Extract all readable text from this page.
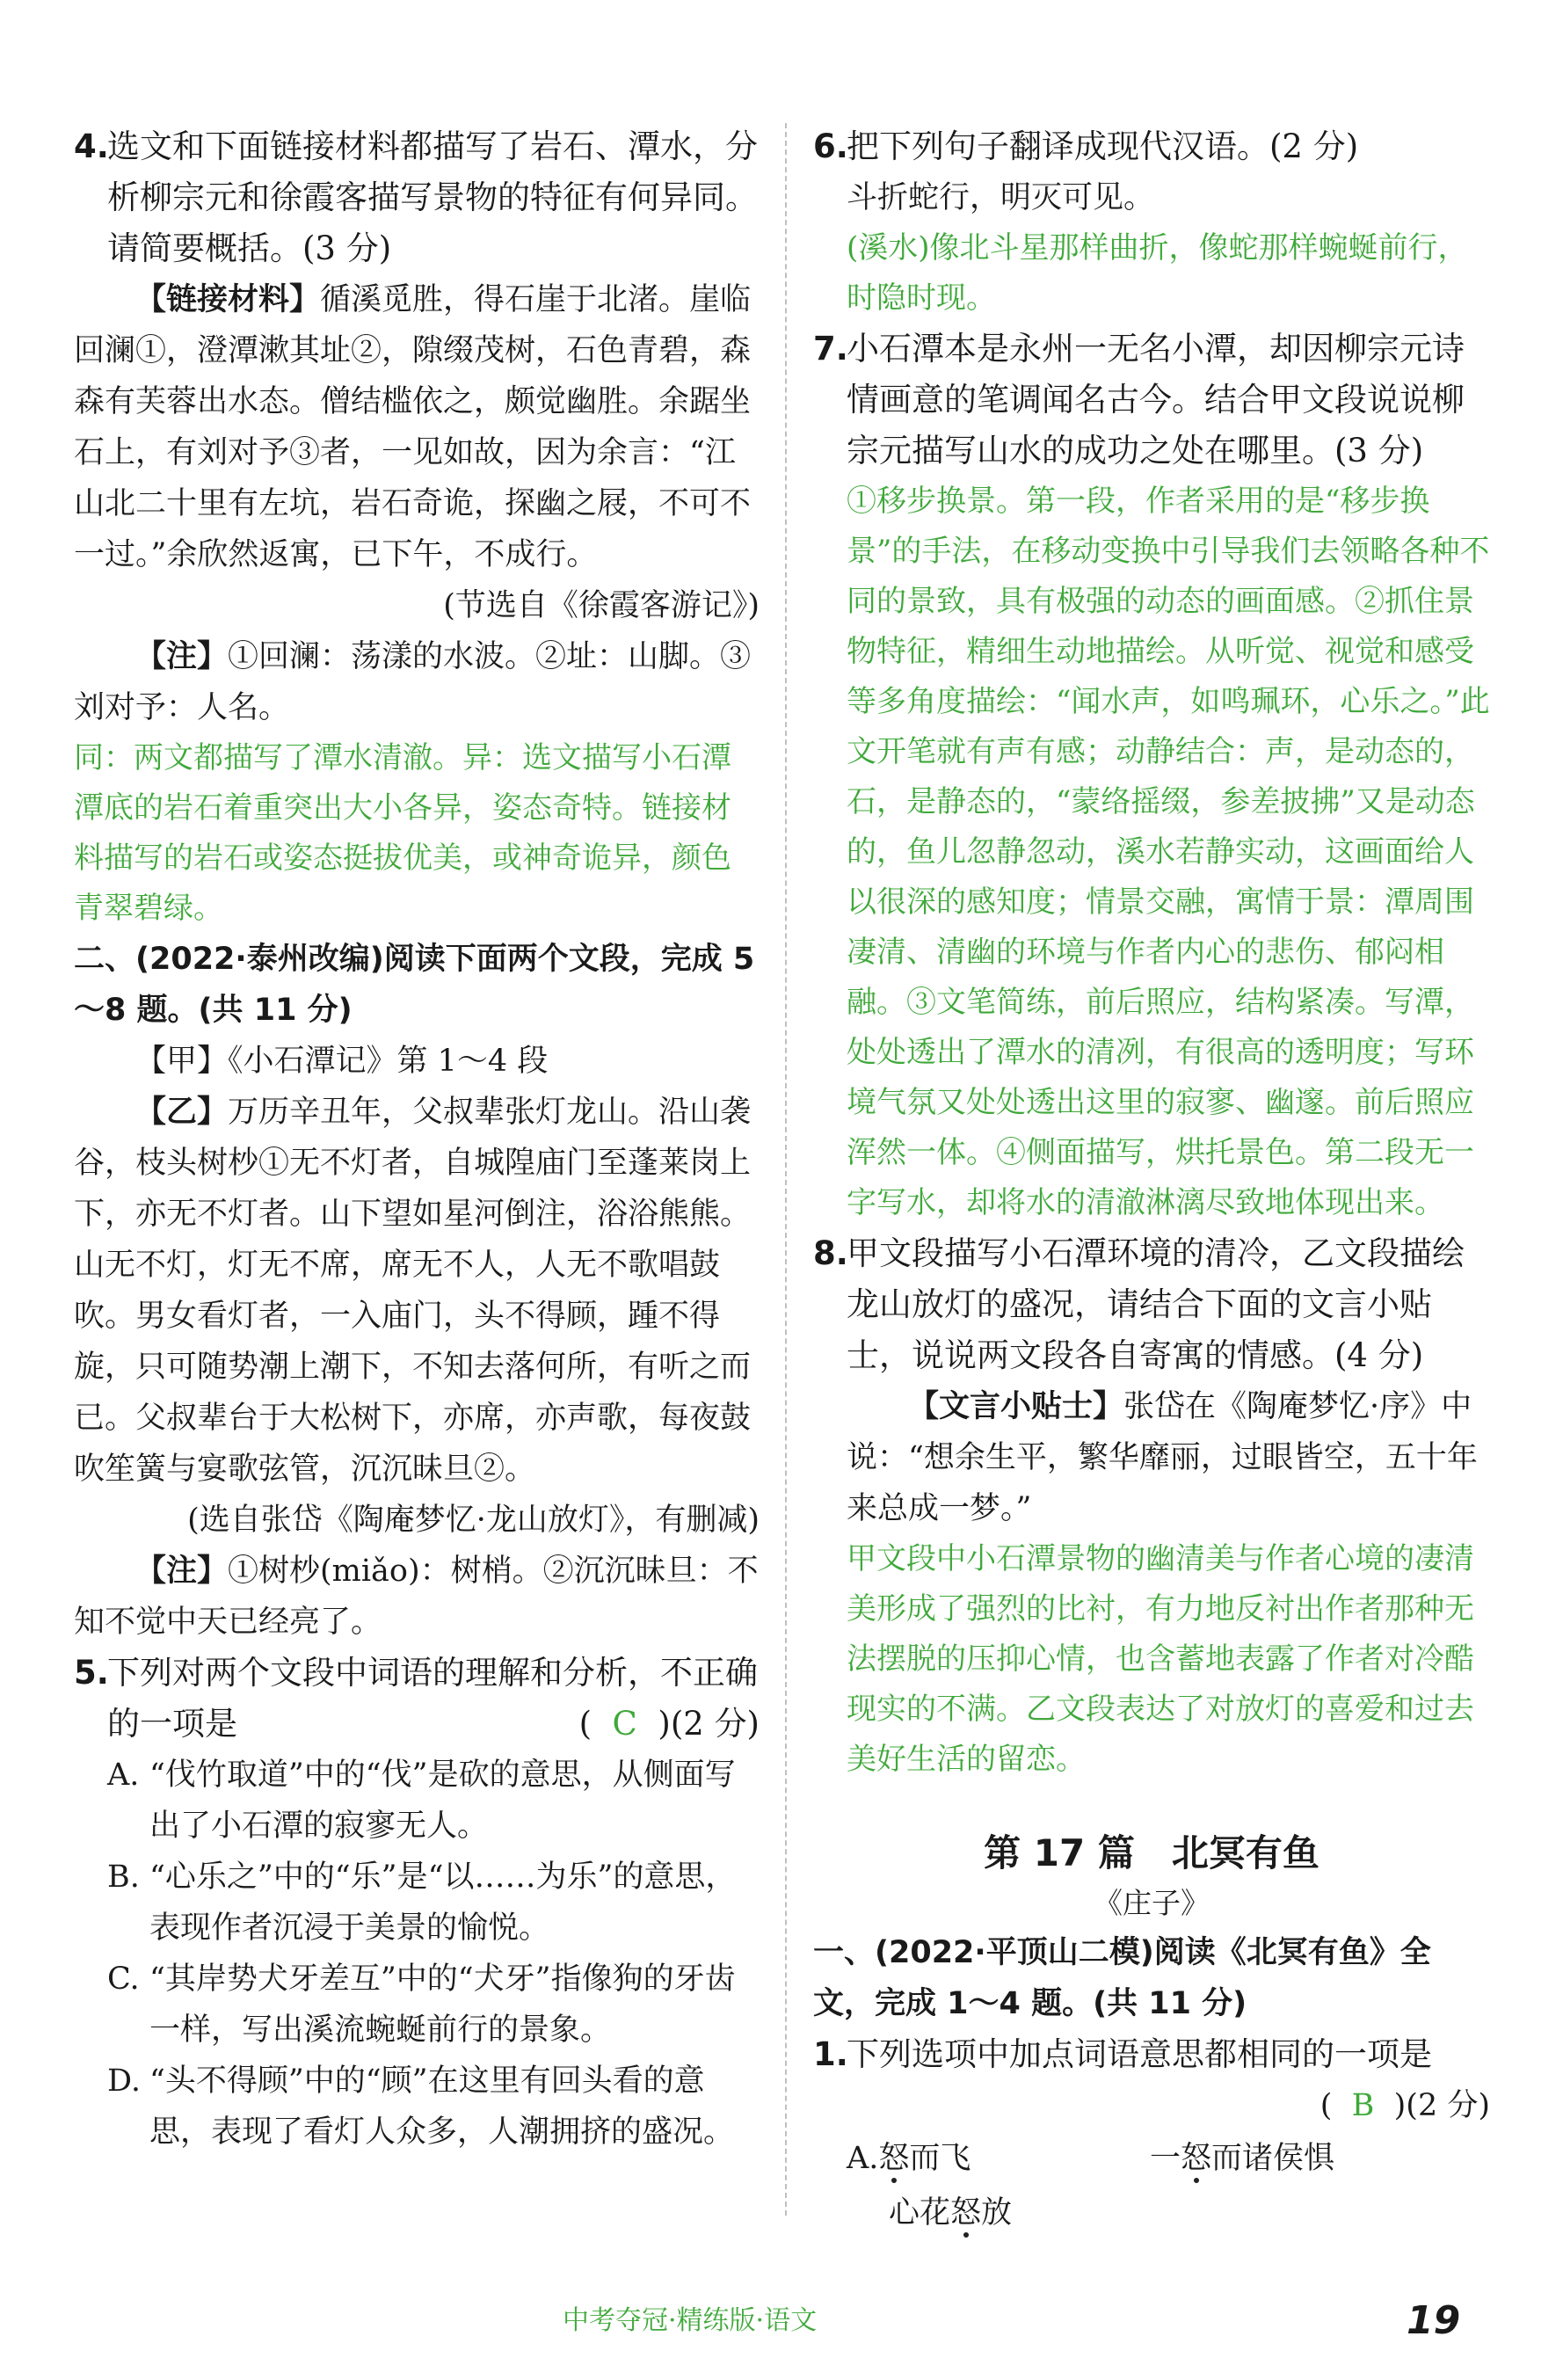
4.
选文和下面链接材料都描写了岩石、潭水，分析柳宗元和徐霞客描写景物的特征有何异同。请简要概括。(3 分)

【链接材料】循溪觅胜，得石崖于北渚。崖临回澜①，澄潭漱其址②，隙缀茂树，石色青碧，森森有芙蓉出水态。僧结槛依之，颇觉幽胜。余踞坐石上，有刘对予③者，一见如故，因为余言：“江山北二十里有左坑，岩石奇诡，探幽之屐，不可不一过。”余欣然返寓，已下午，不成行。

(节选自《徐霞客游记》)

【注】①回澜：荡漾的水波。②址：山脚。③刘对予：人名。

同：两文都描写了潭水清澈。异：选文描写小石潭潭底的岩石着重突出大小各异，姿态奇特。链接材料描写的岩石或姿态挺拔优美，或神奇诡异，颜色青翠碧绿。

二、(2022·泰州改编)阅读下面两个文段，完成 5～8 题。(共 11 分)

【甲】《小石潭记》第 1～4 段

【乙】万历辛丑年，父叔辈张灯龙山。沿山袭谷，枝头树杪①无不灯者，自城隍庙门至蓬莱岗上下，亦无不灯者。山下望如星河倒注，浴浴熊熊。山无不灯，灯无不席，席无不人，人无不歌唱鼓吹。男女看灯者，一入庙门，头不得顾，踵不得旋，只可随势潮上潮下，不知去落何所，有听之而已。父叔辈台于大松树下，亦席，亦声歌，每夜鼓吹笙簧与宴歌弦管，沉沉昧旦②。

(选自张岱《陶庵梦忆·龙山放灯》，有删减)

【注】①树杪(miǎo)：树梢。②沉沉昧旦：不知不觉中天已经亮了。

5.
下列对两个文段中词语的理解和分析，不正确的一项是	( C )(2 分)
A. “伐竹取道”中的“伐”是砍的意思，从侧面写出了小石潭的寂寥无人。
B. “心乐之”中的“乐”是“以……为乐”的意思，表现作者沉浸于美景的愉悦。
C. “其岸势犬牙差互”中的“犬牙”指像狗的牙齿一样，写出溪流蜿蜒前行的景象。
D. “头不得顾”中的“顾”在这里有回头看的意思，表现了看灯人众多，人潮拥挤的盛况。
6.
把下列句子翻译成现代汉语。(2 分)

斗折蛇行，明灭可见。

(溪水)像北斗星那样曲折，像蛇那样蜿蜒前行，时隐时现。

7.
小石潭本是永州一无名小潭，却因柳宗元诗情画意的笔调闻名古今。结合甲文段说说柳宗元描写山水的成功之处在哪里。(3 分)

①移步换景。第一段，作者采用的是“移步换景”的手法，在移动变换中引导我们去领略各种不同的景致，具有极强的动态的画面感。②抓住景物特征，精细生动地描绘。从听觉、视觉和感受等多角度描绘：“闻水声，如鸣珮环，心乐之。”此文开笔就有声有感；动静结合：声，是动态的，石，是静态的，“蒙络摇缀，参差披拂”又是动态的，鱼儿忽静忽动，溪水若静实动，这画面给人以很深的感知度；情景交融，寓情于景：潭周围凄清、清幽的环境与作者内心的悲伤、郁闷相融。③文笔简练，前后照应，结构紧凑。写潭，处处透出了潭水的清冽，有很高的透明度；写环境气氛又处处透出这里的寂寥、幽邃。前后照应浑然一体。④侧面描写，烘托景色。第二段无一字写水，却将水的清澈淋漓尽致地体现出来。

8.
甲文段描写小石潭环境的清冷，乙文段描绘龙山放灯的盛况，请结合下面的文言小贴士，说说两文段各自寄寓的情感。(4 分)

【文言小贴士】张岱在《陶庵梦忆·序》中说：“想余生平，繁华靡丽，过眼皆空，五十年来总成一梦。”

甲文段中小石潭景物的幽清美与作者心境的凄清美形成了强烈的比衬，有力地反衬出作者那种无法摆脱的压抑心情，也含蓄地表露了作者对冷酷现实的不满。乙文段表达了对放灯的喜爱和过去美好生活的留恋。

第 17 篇　北冥有鱼
《庄子》

一、(2022·平顶山二模)阅读《北冥有鱼》全文，完成 1～4 题。(共 11 分)

1.
下列选项中加点词语意思都相同的一项是
( B )(2 分)
A.怒而飞	一怒而诸侯惧
心花怒放
中考夺冠·精练版·语文	19
